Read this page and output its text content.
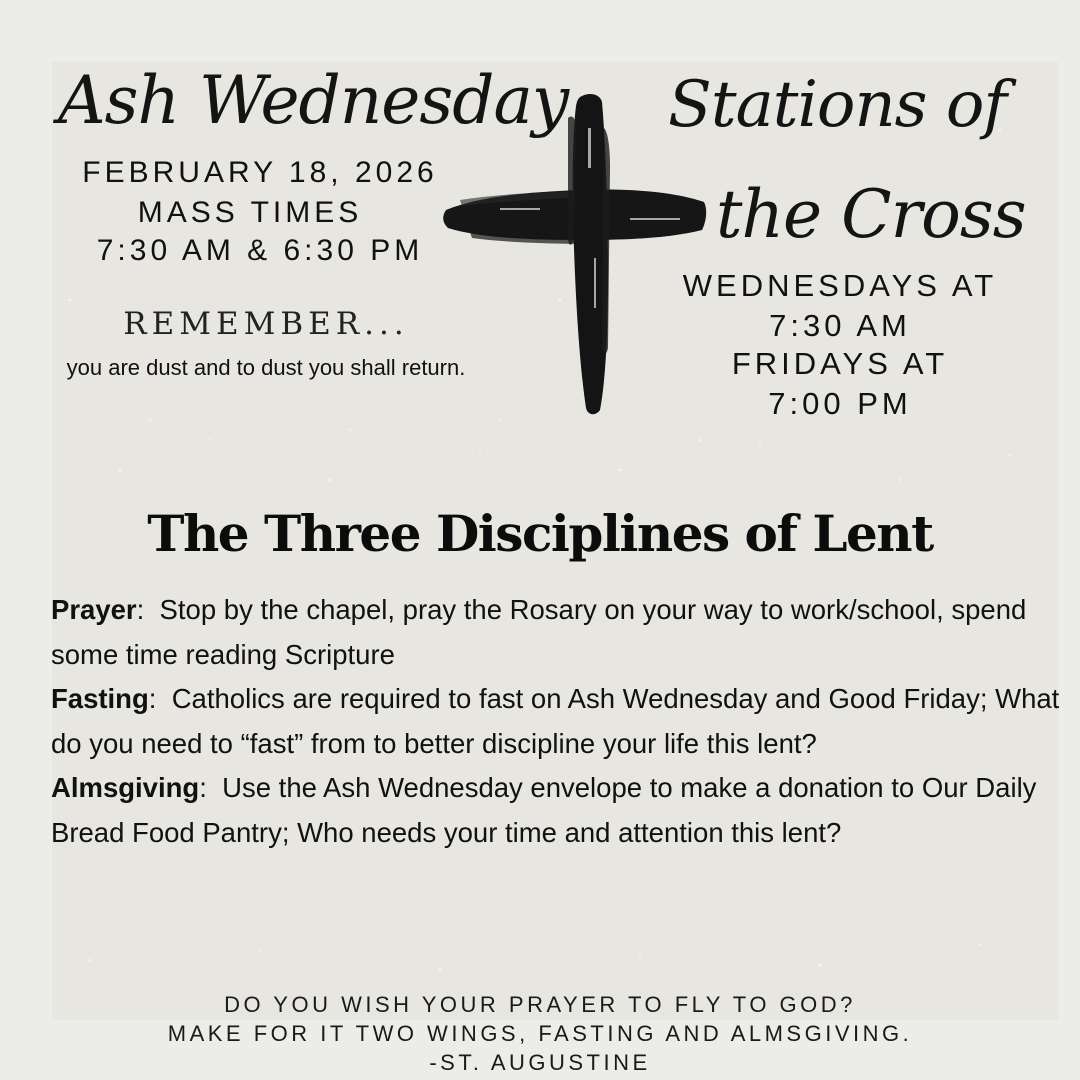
Ash Wednesday
FEBRUARY 18, 2026
MASS TIMES
7:30 AM & 6:30 PM
REMEMBER...
you are dust and to dust you shall return.
Stations of
the Cross
WEDNESDAYS AT
7:30 AM
FRIDAYS AT
7:00 PM
The Three Disciplines of Lent

Prayer:  Stop by the chapel, pray the Rosary on your way to work/school, spend some time reading Scripture

Fasting:  Catholics are required to fast on Ash Wednesday and Good Friday; What do you need to “fast” from to better discipline your life this lent?

Almsgiving:  Use the Ash Wednesday envelope to make a donation to Our Daily Bread Food Pantry; Who needs your time and attention this lent?

DO YOU WISH YOUR PRAYER TO FLY TO GOD?
MAKE FOR IT TWO WINGS, FASTING AND ALMSGIVING.
-ST. AUGUSTINE
